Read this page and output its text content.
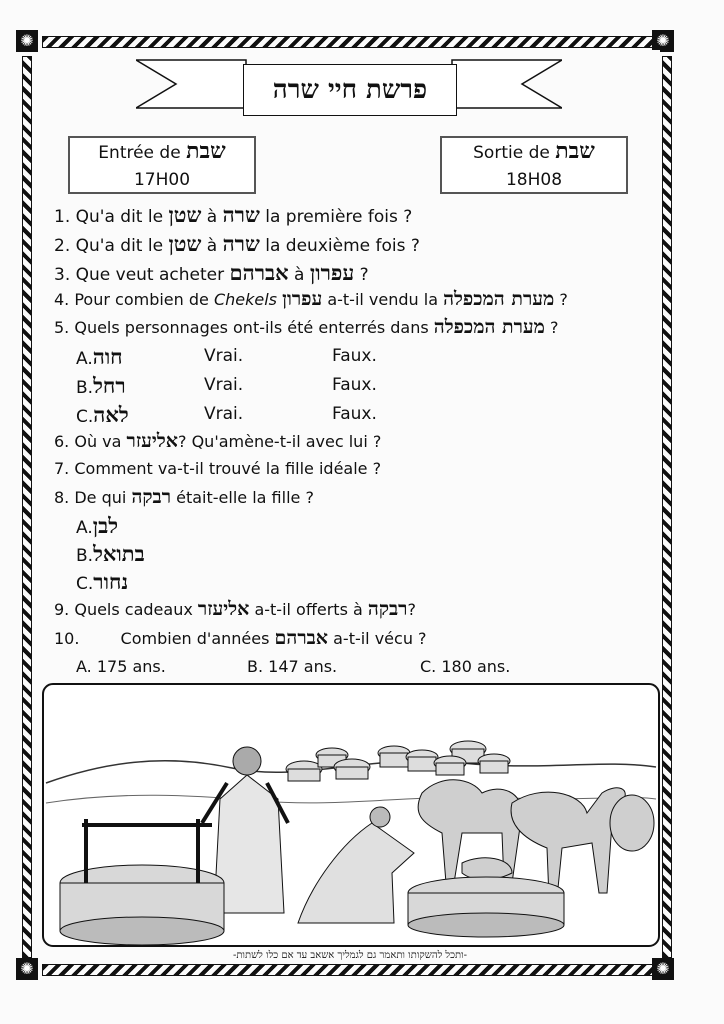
✺	✺
✺	✺
פרשת חיי שרה
Entrée de שבת
17H00
Sortie de שבת
18H08
1. Qu'a dit le שטן à שרה la première fois ?
2. Qu'a dit le שטן à שרה la deuxième fois ?
3. Que veut acheter אברהם à עפרון ?
4. Pour combien de Chekels עפרון a-t-il vendu la מערת המכפלה ?
5. Quels personnages ont-ils été enterrés dans מערת המכפלה ?
A.חוה	Vrai.	Faux.
B.רחל	Vrai.	Faux.
C.לאה	Vrai.	Faux.
6. Où va אליעזר? Qu'amène-t-il avec lui ?
7. Comment va-t-il trouvé la fille idéale ?
8. De qui רבקה était-elle la fille ?
A.לבן
B.בתואל
C.נחור
9. Quels cadeaux אליעזר a-t-il offerts à רבקה?
10.	Combien d'années אברהם a-t-il vécu ?
A. 175 ans.	B. 147 ans.	C. 180 ans.
-ותכל להשקותו ותאמר גם לגמליך אשאב עד אם כלו לשתות-
